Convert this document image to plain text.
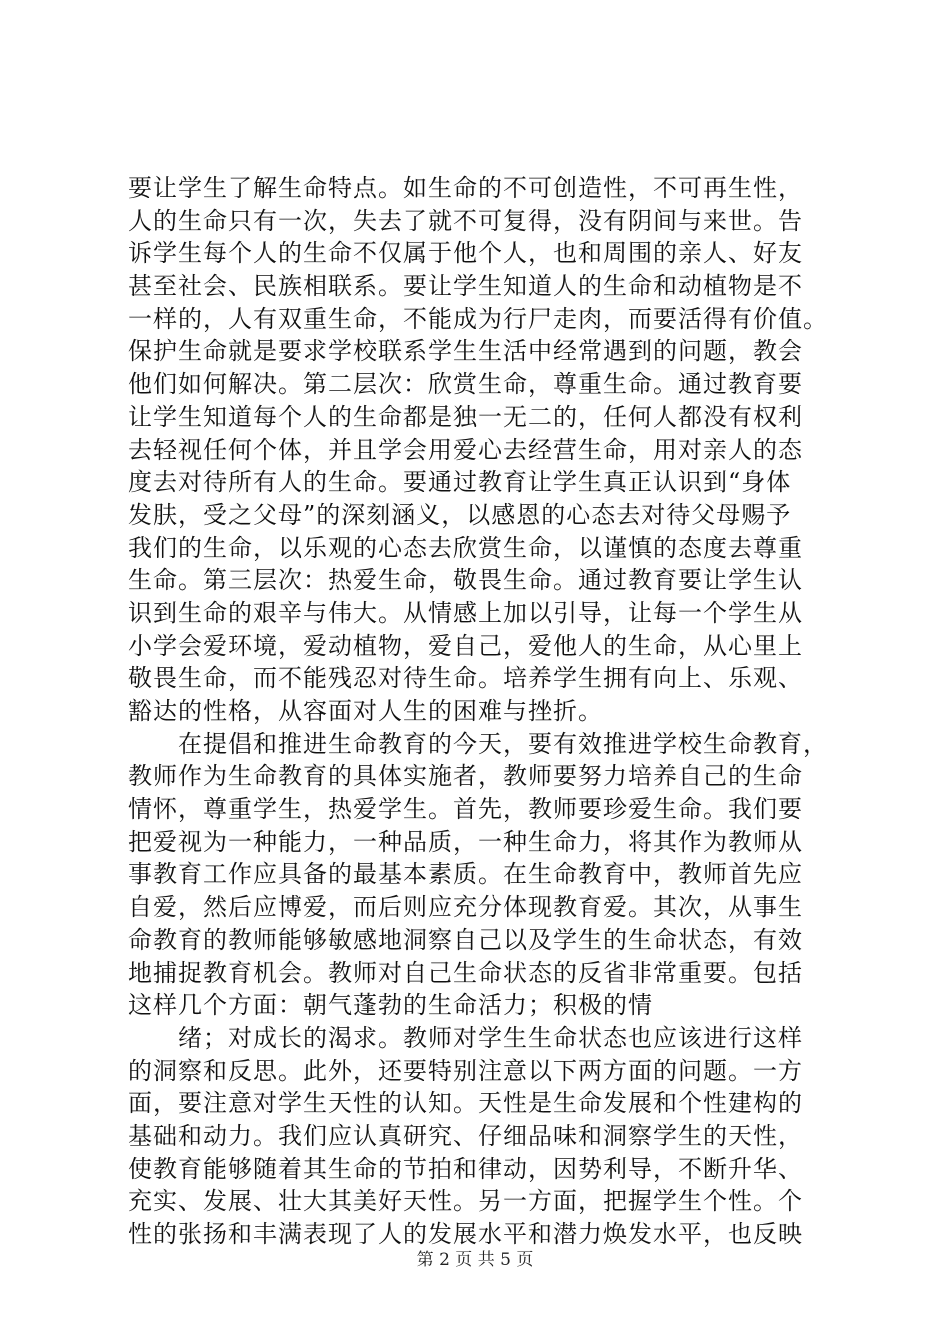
要让学生了解生命特点。如生命的不可创造性，不可再生性，
人的生命只有一次，失去了就不可复得，没有阴间与来世。告
诉学生每个人的生命不仅属于他个人，也和周围的亲人、好友
甚至社会、民族相联系。要让学生知道人的生命和动植物是不
一样的，人有双重生命，不能成为行尸走肉，而要活得有价值。
保护生命就是要求学校联系学生生活中经常遇到的问题，教会
他们如何解决。第二层次：欣赏生命，尊重生命。通过教育要
让学生知道每个人的生命都是独一无二的，任何人都没有权利
去轻视任何个体，并且学会用爱心去经营生命，用对亲人的态
度去对待所有人的生命。要通过教育让学生真正认识到“身体
发肤，受之父母”的深刻涵义，以感恩的心态去对待父母赐予
我们的生命，以乐观的心态去欣赏生命，以谨慎的态度去尊重
生命。第三层次：热爱生命，敬畏生命。通过教育要让学生认
识到生命的艰辛与伟大。从情感上加以引导，让每一个学生从
小学会爱环境，爱动植物，爱自己，爱他人的生命，从心里上
敬畏生命，而不能残忍对待生命。培养学生拥有向上、乐观、
豁达的性格，从容面对人生的困难与挫折。
　　在提倡和推进生命教育的今天，要有效推进学校生命教育，
教师作为生命教育的具体实施者，教师要努力培养自己的生命
情怀，尊重学生，热爱学生。首先，教师要珍爱生命。我们要
把爱视为一种能力，一种品质，一种生命力，将其作为教师从
事教育工作应具备的最基本素质。在生命教育中，教师首先应
自爱，然后应博爱，而后则应充分体现教育爱。其次，从事生
命教育的教师能够敏感地洞察自己以及学生的生命状态，有效
地捕捉教育机会。教师对自己生命状态的反省非常重要。包括
这样几个方面：朝气蓬勃的生命活力；积极的情
　　绪；对成长的渴求。教师对学生生命状态也应该进行这样
的洞察和反思。此外，还要特别注意以下两方面的问题。一方
面，要注意对学生天性的认知。天性是生命发展和个性建构的
基础和动力。我们应认真研究、仔细品味和洞察学生的天性，
使教育能够随着其生命的节拍和律动，因势利导，不断升华、
充实、发展、壮大其美好天性。另一方面，把握学生个性。个
性的张扬和丰满表现了人的发展水平和潜力焕发水平，也反映
第 2 页 共 5 页
